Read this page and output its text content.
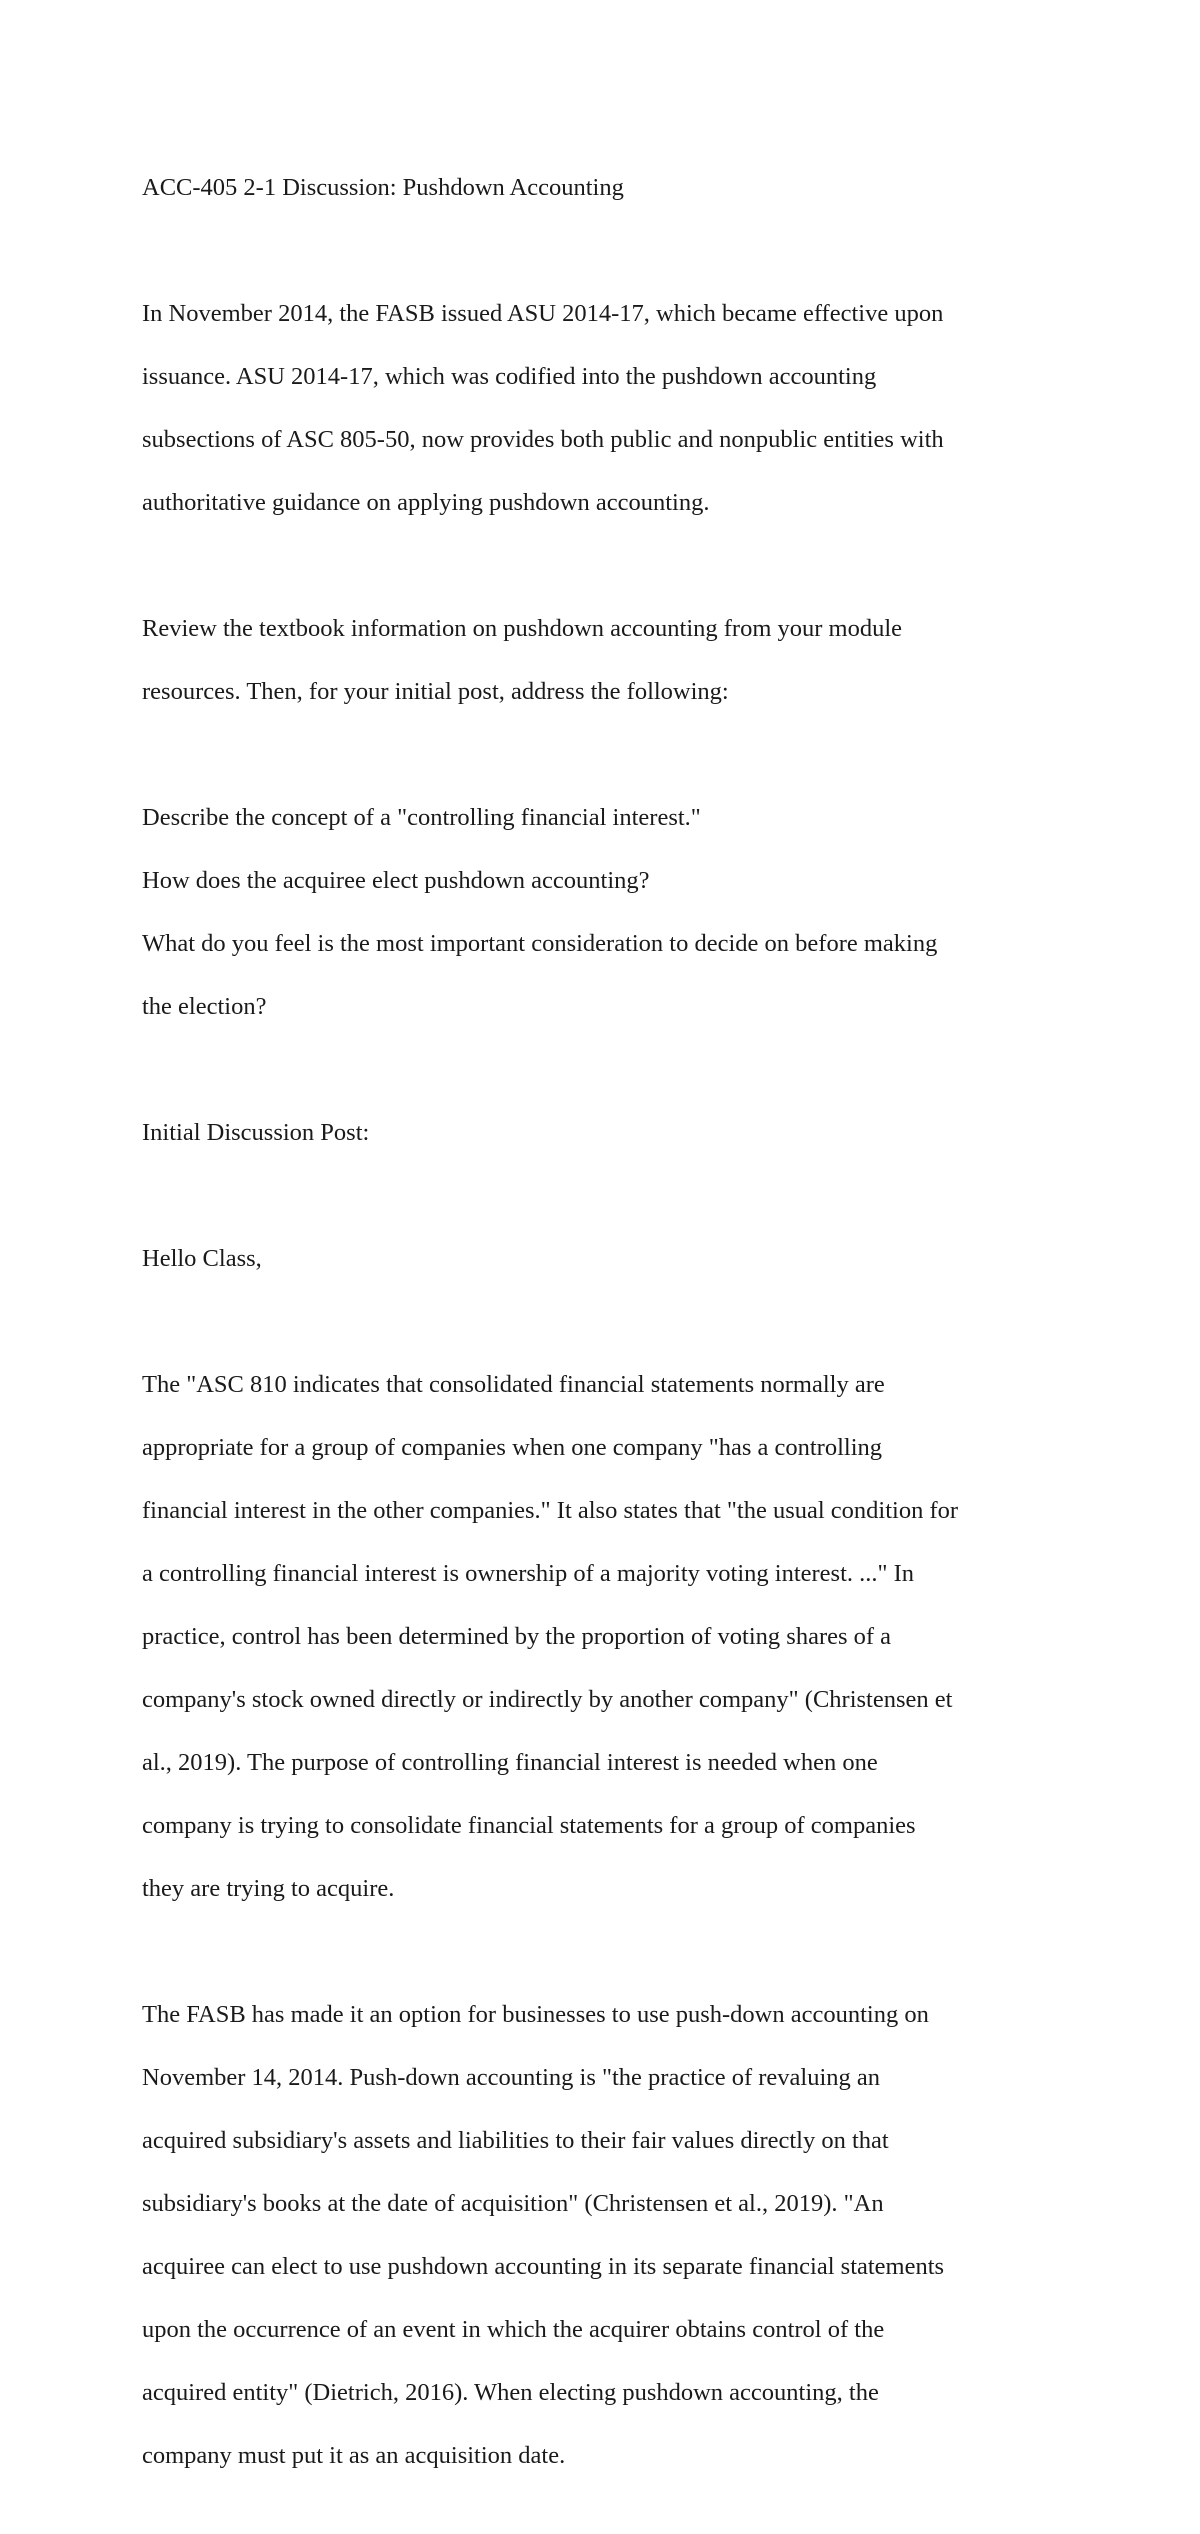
ACC-405 2-1 Discussion: Pushdown Accounting

In November 2014, the FASB issued ASU 2014-17, which became effective upon

issuance. ASU 2014-17, which was codified into the pushdown accounting

subsections of ASC 805-50, now provides both public and nonpublic entities with

authoritative guidance on applying pushdown accounting.

Review the textbook information on pushdown accounting from your module

resources. Then, for your initial post, address the following:

Describe the concept of a "controlling financial interest."

How does the acquiree elect pushdown accounting?

What do you feel is the most important consideration to decide on before making

the election?

Initial Discussion Post:

Hello Class,

The "ASC 810 indicates that consolidated financial statements normally are

appropriate for a group of companies when one company "has a controlling

financial interest in the other companies." It also states that "the usual condition for

a controlling financial interest is ownership of a majority voting interest. ..." In

practice, control has been determined by the proportion of voting shares of a

company's stock owned directly or indirectly by another company" (Christensen et

al., 2019). The purpose of controlling financial interest is needed when one

company is trying to consolidate financial statements for a group of companies

they are trying to acquire.

The FASB has made it an option for businesses to use push-down accounting on

November 14, 2014. Push-down accounting is "the practice of revaluing an

acquired subsidiary's assets and liabilities to their fair values directly on that

subsidiary's books at the date of acquisition" (Christensen et al., 2019). "An

acquiree can elect to use pushdown accounting in its separate financial statements

upon the occurrence of an event in which the acquirer obtains control of the

acquired entity" (Dietrich, 2016). When electing pushdown accounting, the

company must put it as an acquisition date.
